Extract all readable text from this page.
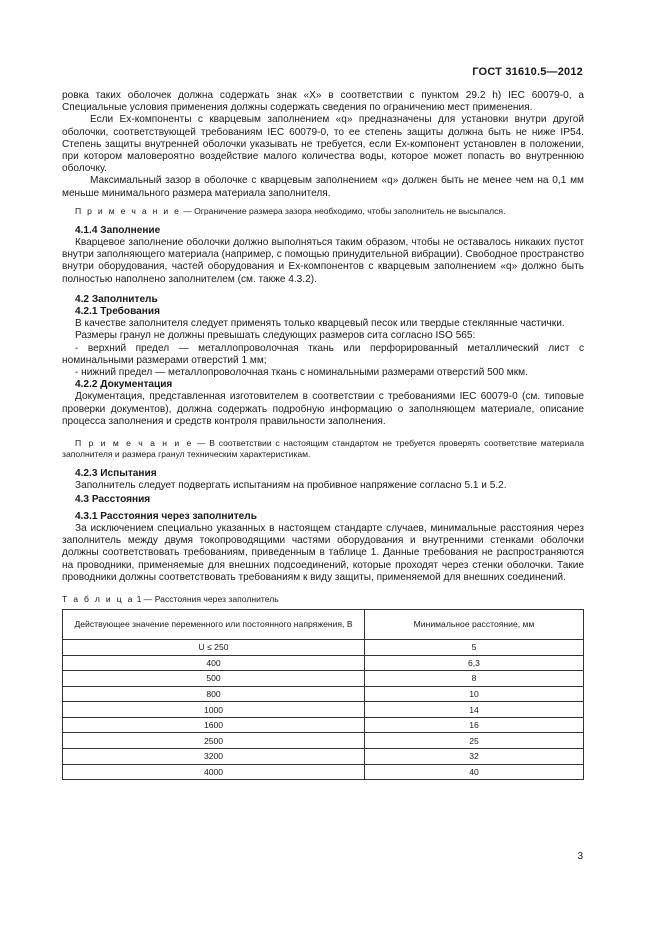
ГОСТ 31610.5—2012

ровка таких оболочек должна содержать знак «X» в соответствии с пунктом 29.2 h) IEC 60079-0, а Специальные условия применения должны содержать сведения по ограничению мест применения.

Если Ех-компоненты с кварцевым заполнением «q» предназначены для установки внутри другой оболочки, соответствующей требованиям IEC 60079-0, то ее степень защиты должна быть не ниже IP54. Степень защиты внутренней оболочки указывать не требуется, если Ех-компонент установлен в положении, при котором маловероятно воздействие малого количества воды, которое может попасть во внутреннюю оболочку.

Максимальный зазор в оболочке с кварцевым заполнением «q» должен быть не менее чем на 0,1 мм меньше минимального размера материала заполнителя.

П р и м е ч а н и е — Ограничение размера зазора необходимо, чтобы заполнитель не высыпался.

4.1.4 Заполнение

Кварцевое заполнение оболочки должно выполняться таким образом, чтобы не оставалось никаких пустот внутри заполняющего материала (например, с помощью принудительной вибрации). Свободное пространство внутри оборудования, частей оборудования и Ex-компонентов с кварцевым заполнением «q» должно быть полностью наполнено заполнителем (см. также 4.3.2).

4.2 Заполнитель
4.2.1 Требования

В качестве заполнителя следует применять только кварцевый песок или твердые стеклянные частички.

Размеры гранул не должны превышать следующих размеров сита согласно ISO 565:

- верхний предел — металлопроволочная ткань или перфорированный металлический лист с номинальными размерами отверстий 1 мм;

- нижний предел — металлопроволочная ткань с номинальными размерами отверстий 500 мкм.

4.2.2 Документация

Документация, представленная изготовителем в соответствии с требованиями IEC 60079-0 (см. типовые проверки документов), должна содержать подробную информацию о заполняющем материале, описание процесса заполнения и средств контроля правильности заполнения.

П р и м е ч а н и е — В соответствии с настоящим стандартом не требуется проверять соответствие материала заполнителя и размера гранул техническим характеристикам.

4.2.3 Испытания

Заполнитель следует подвергать испытаниям на пробивное напряжение согласно 5.1 и 5.2.

4.3 Расстояния
4.3.1 Расстояния через заполнитель

За исключением специально указанных в настоящем стандарте случаев, минимальные расстояния через заполнитель между двумя токопроводящими частями оборудования и внутренними стенками оболочки должны соответствовать требованиям, приведенным в таблице 1. Данные требования не распространяются на проводники, применяемые для внешних подсоединений, которые проходят через стенки оболочки. Такие проводники должны соответствовать требованиям к виду защиты, применяемой для внешних соединений.

Т а б л и ц а 1 — Расстояния через заполнитель

Действующее значение переменного или постоянного напряжения, В	Минимальное расстояние, мм
U ≤ 250	5
400	6,3
500	8
800	10
1000	14
1600	16
2500	25
3200	32
4000	40
3
